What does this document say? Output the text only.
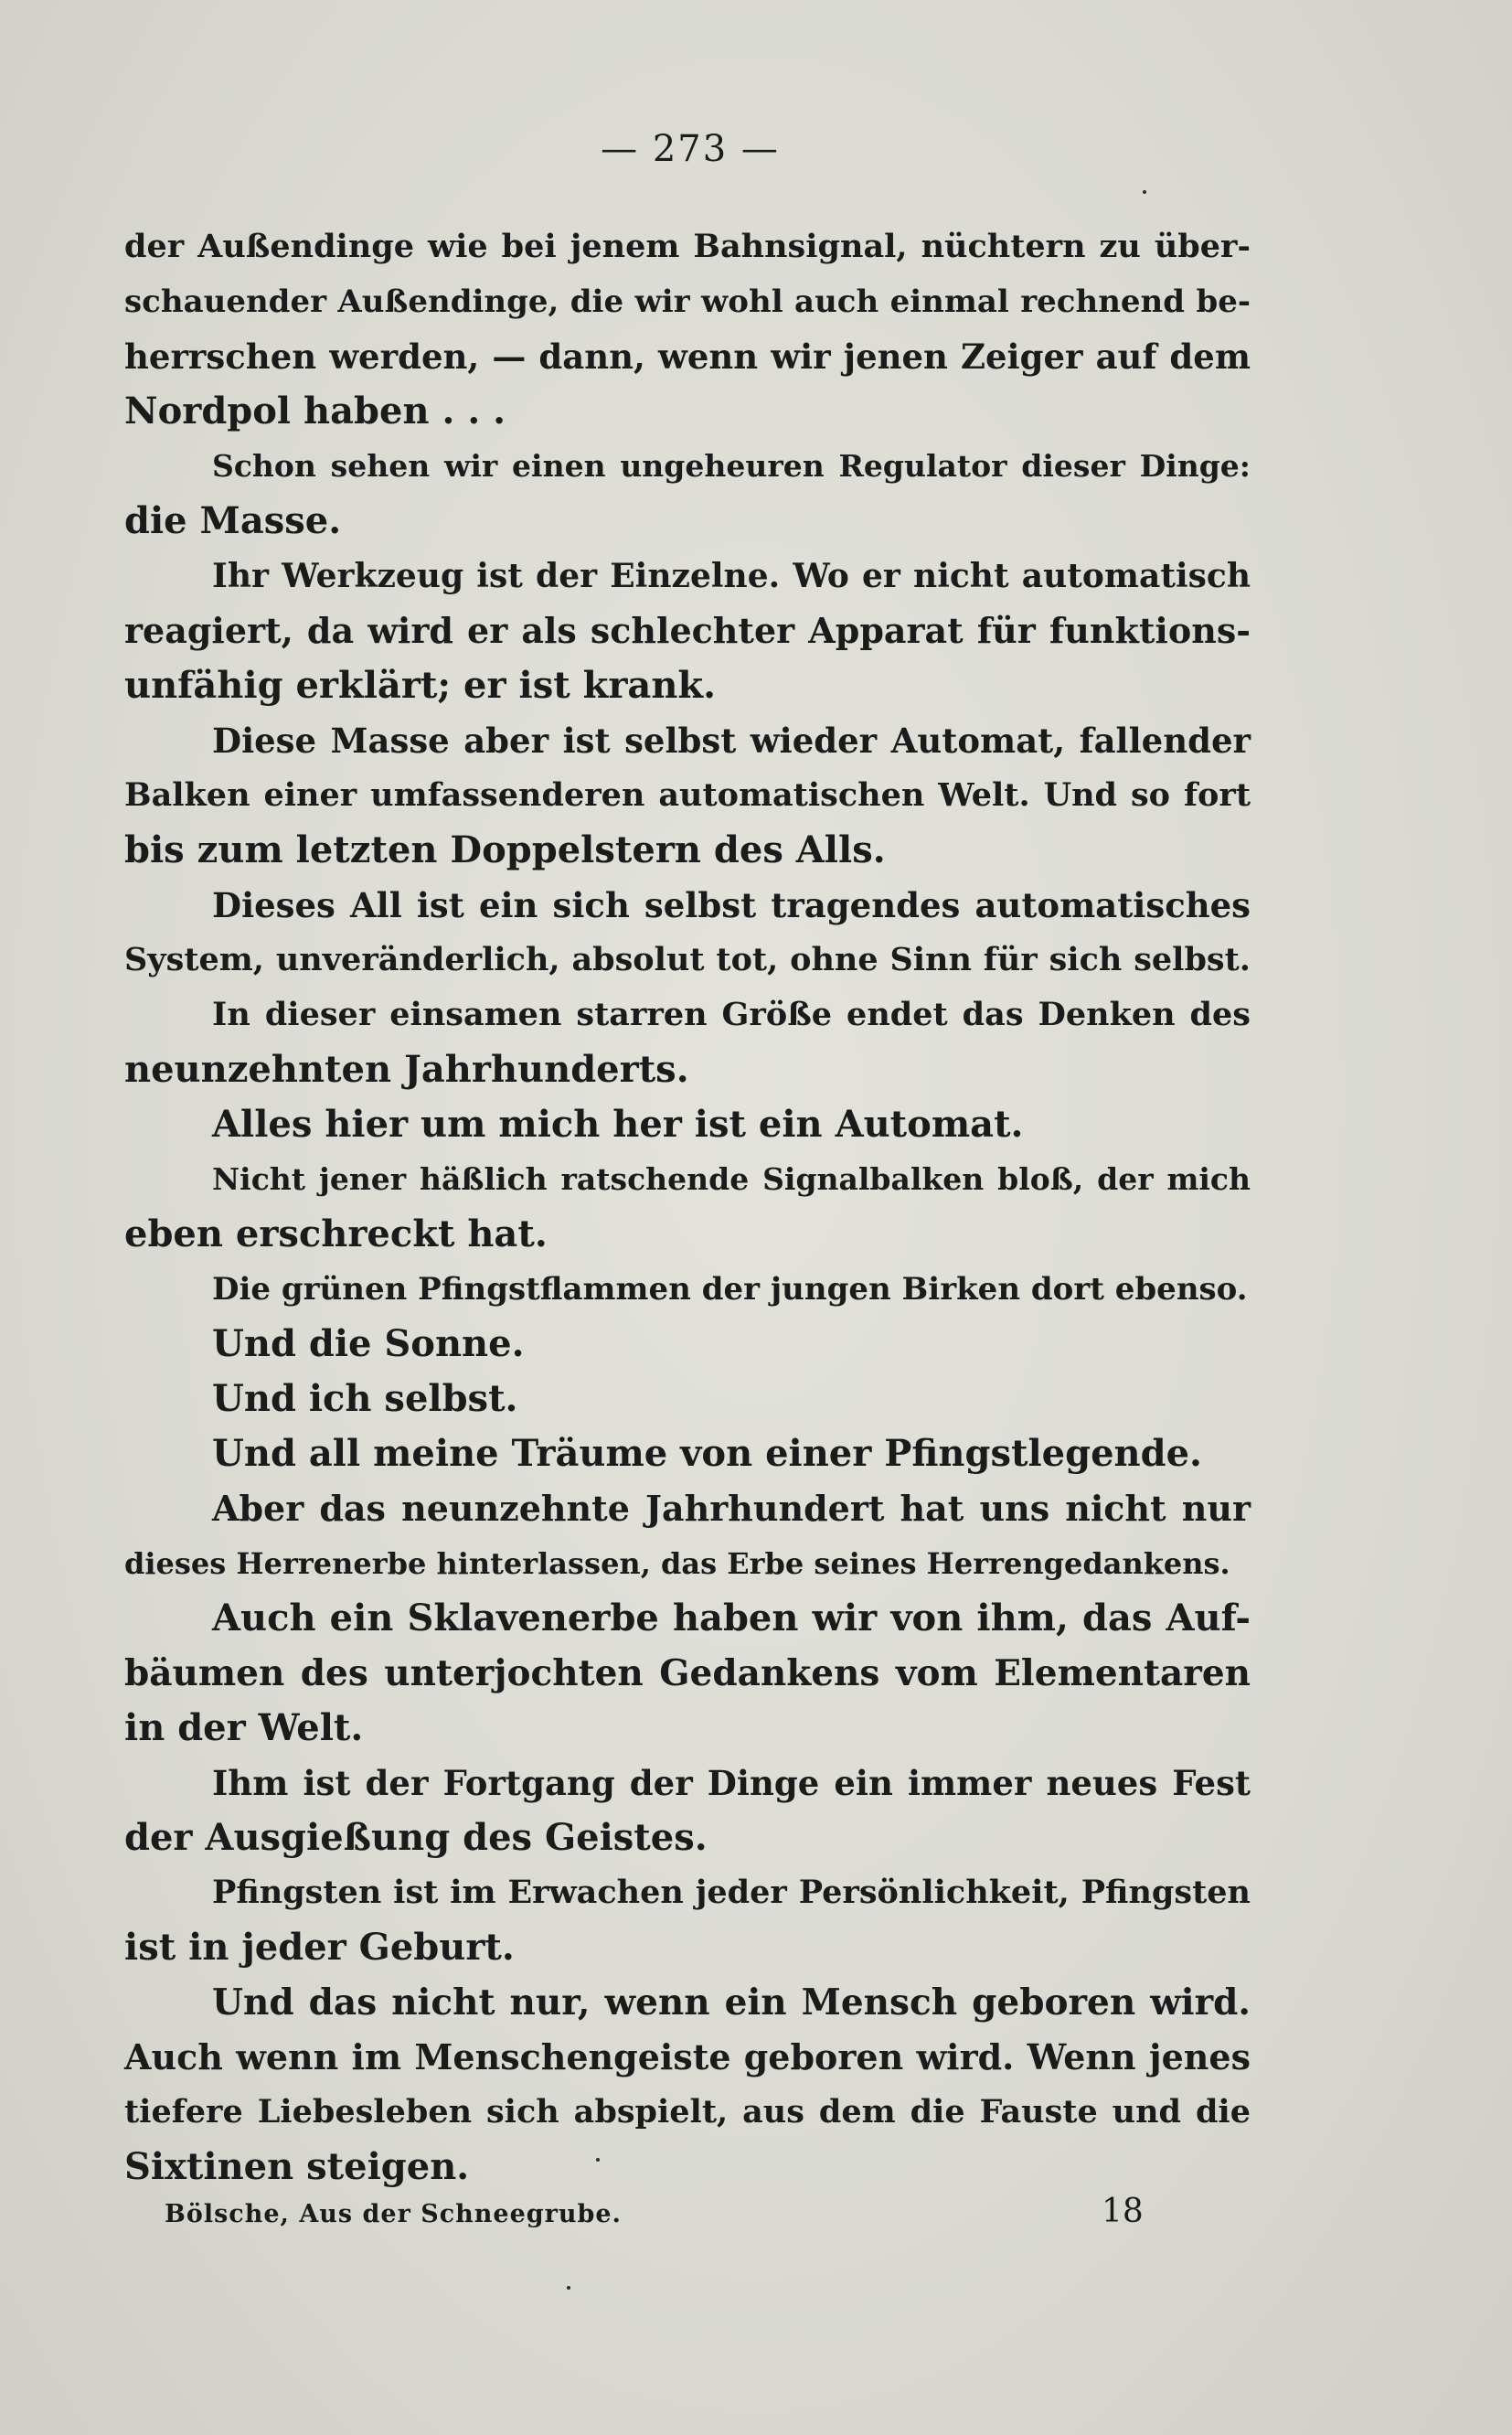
— 273 —
der Außendinge wie bei jenem Bahnsignal, nüchtern zu über-
schauender Außendinge, die wir wohl auch einmal rechnend be-
herrschen werden, — dann, wenn wir jenen Zeiger auf dem
Nordpol haben . . .
Schon sehen wir einen ungeheuren Regulator dieser Dinge:
die Masse.
Ihr Werkzeug ist der Einzelne. Wo er nicht automatisch
reagiert, da wird er als schlechter Apparat für funktions-
unfähig erklärt; er ist krank.
Diese Masse aber ist selbst wieder Automat, fallender
Balken einer umfassenderen automatischen Welt. Und so fort
bis zum letzten Doppelstern des Alls.
Dieses All ist ein sich selbst tragendes automatisches
System, unveränderlich, absolut tot, ohne Sinn für sich selbst.
In dieser einsamen starren Größe endet das Denken des
neunzehnten Jahrhunderts.
Alles hier um mich her ist ein Automat.
Nicht jener häßlich ratschende Signalbalken bloß, der mich
eben erschreckt hat.
Die grünen Pfingstflammen der jungen Birken dort ebenso.
Und die Sonne.
Und ich selbst.
Und all meine Träume von einer Pfingstlegende.
Aber das neunzehnte Jahrhundert hat uns nicht nur
dieses Herrenerbe hinterlassen, das Erbe seines Herrengedankens.
Auch ein Sklavenerbe haben wir von ihm, das Auf-
bäumen des unterjochten Gedankens vom Elementaren
in der Welt.
Ihm ist der Fortgang der Dinge ein immer neues Fest
der Ausgießung des Geistes.
Pfingsten ist im Erwachen jeder Persönlichkeit, Pfingsten
ist in jeder Geburt.
Und das nicht nur, wenn ein Mensch geboren wird.
Auch wenn im Menschengeiste geboren wird. Wenn jenes
tiefere Liebesleben sich abspielt, aus dem die Fauste und die
Sixtinen steigen.
Bölsche, Aus der Schneegrube.	18
